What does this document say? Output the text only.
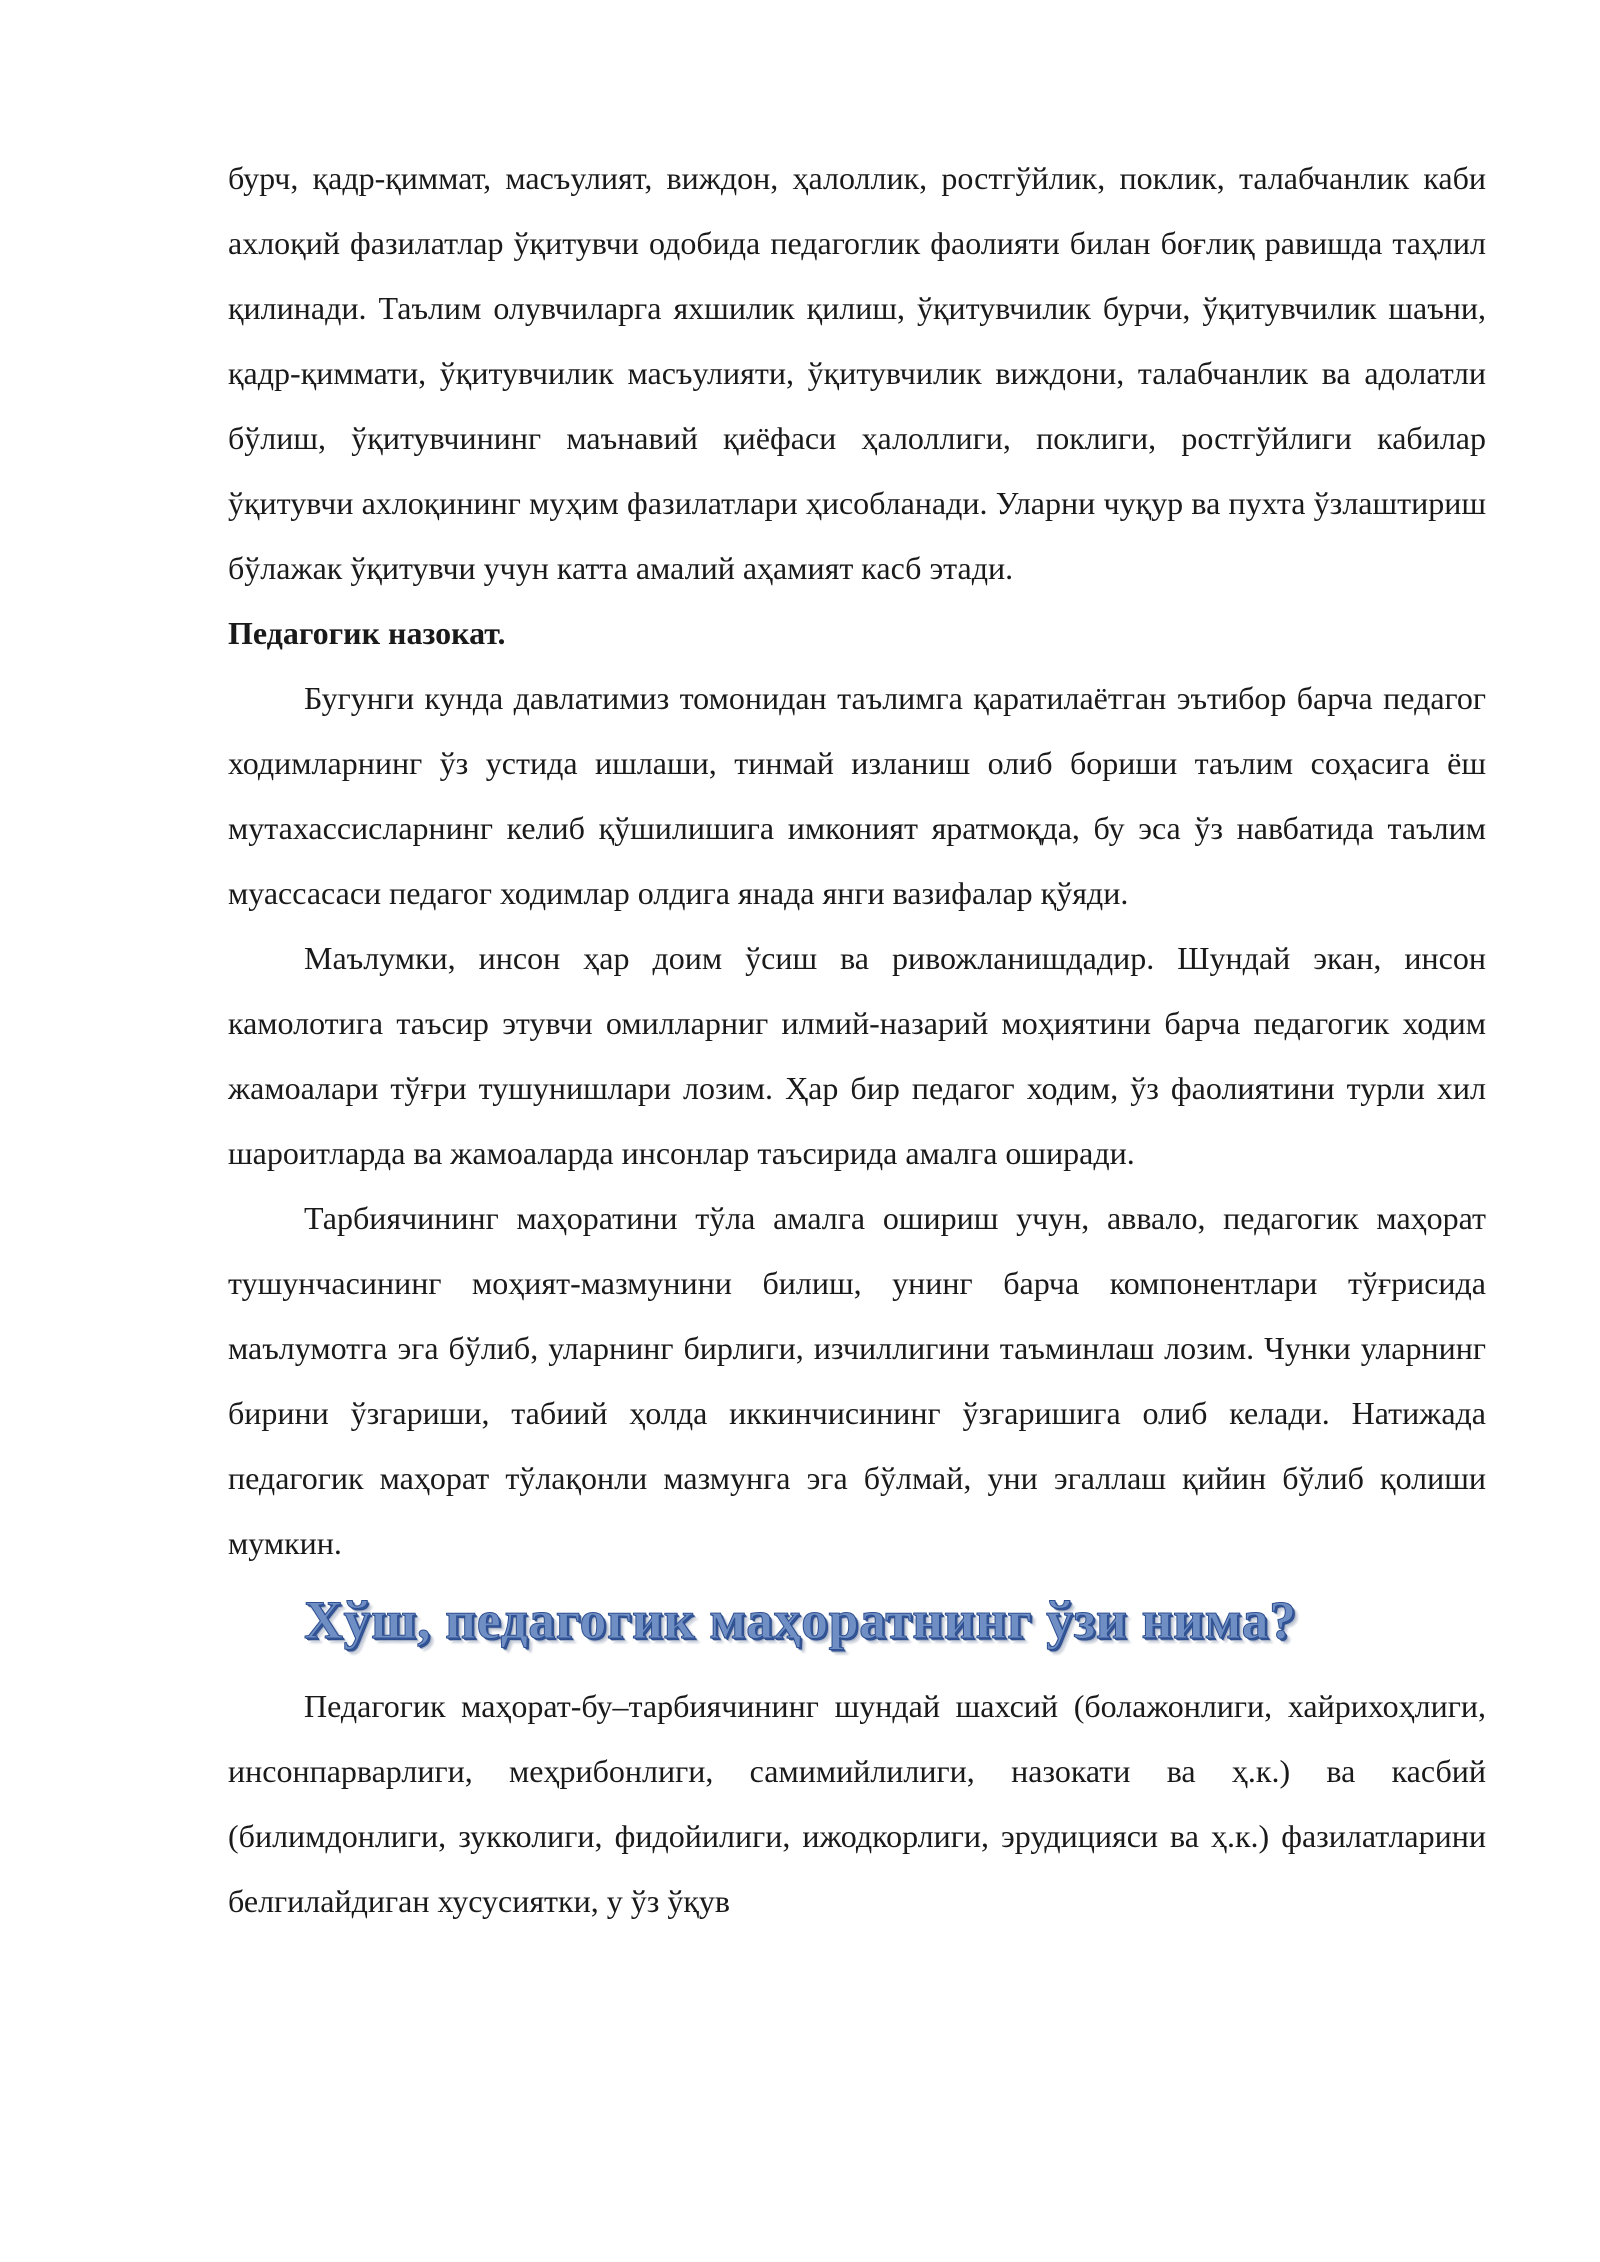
бурч, қадр-қиммат, масъулият, виждон, ҳалоллик, ростгўйлик, поклик, талабчанлик каби ахлоқий фазилатлар ўқитувчи одобида педагоглик фаолияти билан боғлиқ равишда таҳлил қилинади. Таълим олувчиларга яхшилик қилиш, ўқитувчилик бурчи, ўқитувчилик шаъни, қадр-қиммати, ўқитувчилик масъулияти, ўқитувчилик виждони, талабчанлик ва адолатли бўлиш, ўқитувчининг маънавий қиёфаси ҳалоллиги, поклиги, ростгўйлиги кабилар ўқитувчи ахлоқининг муҳим фазилатлари ҳисобланади. Уларни чуқур ва пухта ўзлаштириш бўлажак ўқитувчи учун катта амалий аҳамият касб этади.

Педагогик назокат.

Бугунги кунда давлатимиз томонидан таълимга қаратилаётган эътибор барча педагог ходимларнинг ўз устида ишлаши, тинмай изланиш олиб бориши таълим соҳасига ёш мутахассисларнинг келиб қўшилишига имконият яратмоқда, бу эса ўз навбатида таълим муассасаси педагог ходимлар олдига янада янги вазифалар қўяди.

Маълумки, инсон ҳар доим ўсиш ва ривожланишдадир. Шундай экан, инсон камолотига таъсир этувчи омилларниг илмий-назарий моҳиятини барча педагогик ходим жамоалари тўғри тушунишлари лозим. Ҳар бир педагог ходим, ўз фаолиятини турли хил шароитларда ва жамоаларда инсонлар таъсирида амалга оширади.

Тарбиячининг маҳоратини тўла амалга ошириш учун, аввало, педагогик маҳорат тушунчасининг моҳият-мазмунини билиш, унинг барча компонентлари тўғрисида маълумотга эга бўлиб, уларнинг бирлиги, изчиллигини таъминлаш лозим. Чунки уларнинг бирини ўзгариши, табиий ҳолда иккинчисининг ўзгаришига олиб келади. Натижада педагогик маҳорат тўлақонли мазмунга эга бўлмай, уни эгаллаш қийин бўлиб қолиши мумкин.

Хўш, педагогик маҳоратнинг ўзи нима?

Педагогик маҳорат-бу–тарбиячининг шундай шахсий (болажонлиги, хайрихоҳлиги, инсонпарварлиги, меҳрибонлиги, самимийлилиги, назокати ва ҳ.к.) ва касбий (билимдонлиги, зукколиги, фидойилиги, ижодкорлиги, эрудицияси ва ҳ.к.) фазилатларини белгилайдиган хусусиятки, у ўз ўқув
